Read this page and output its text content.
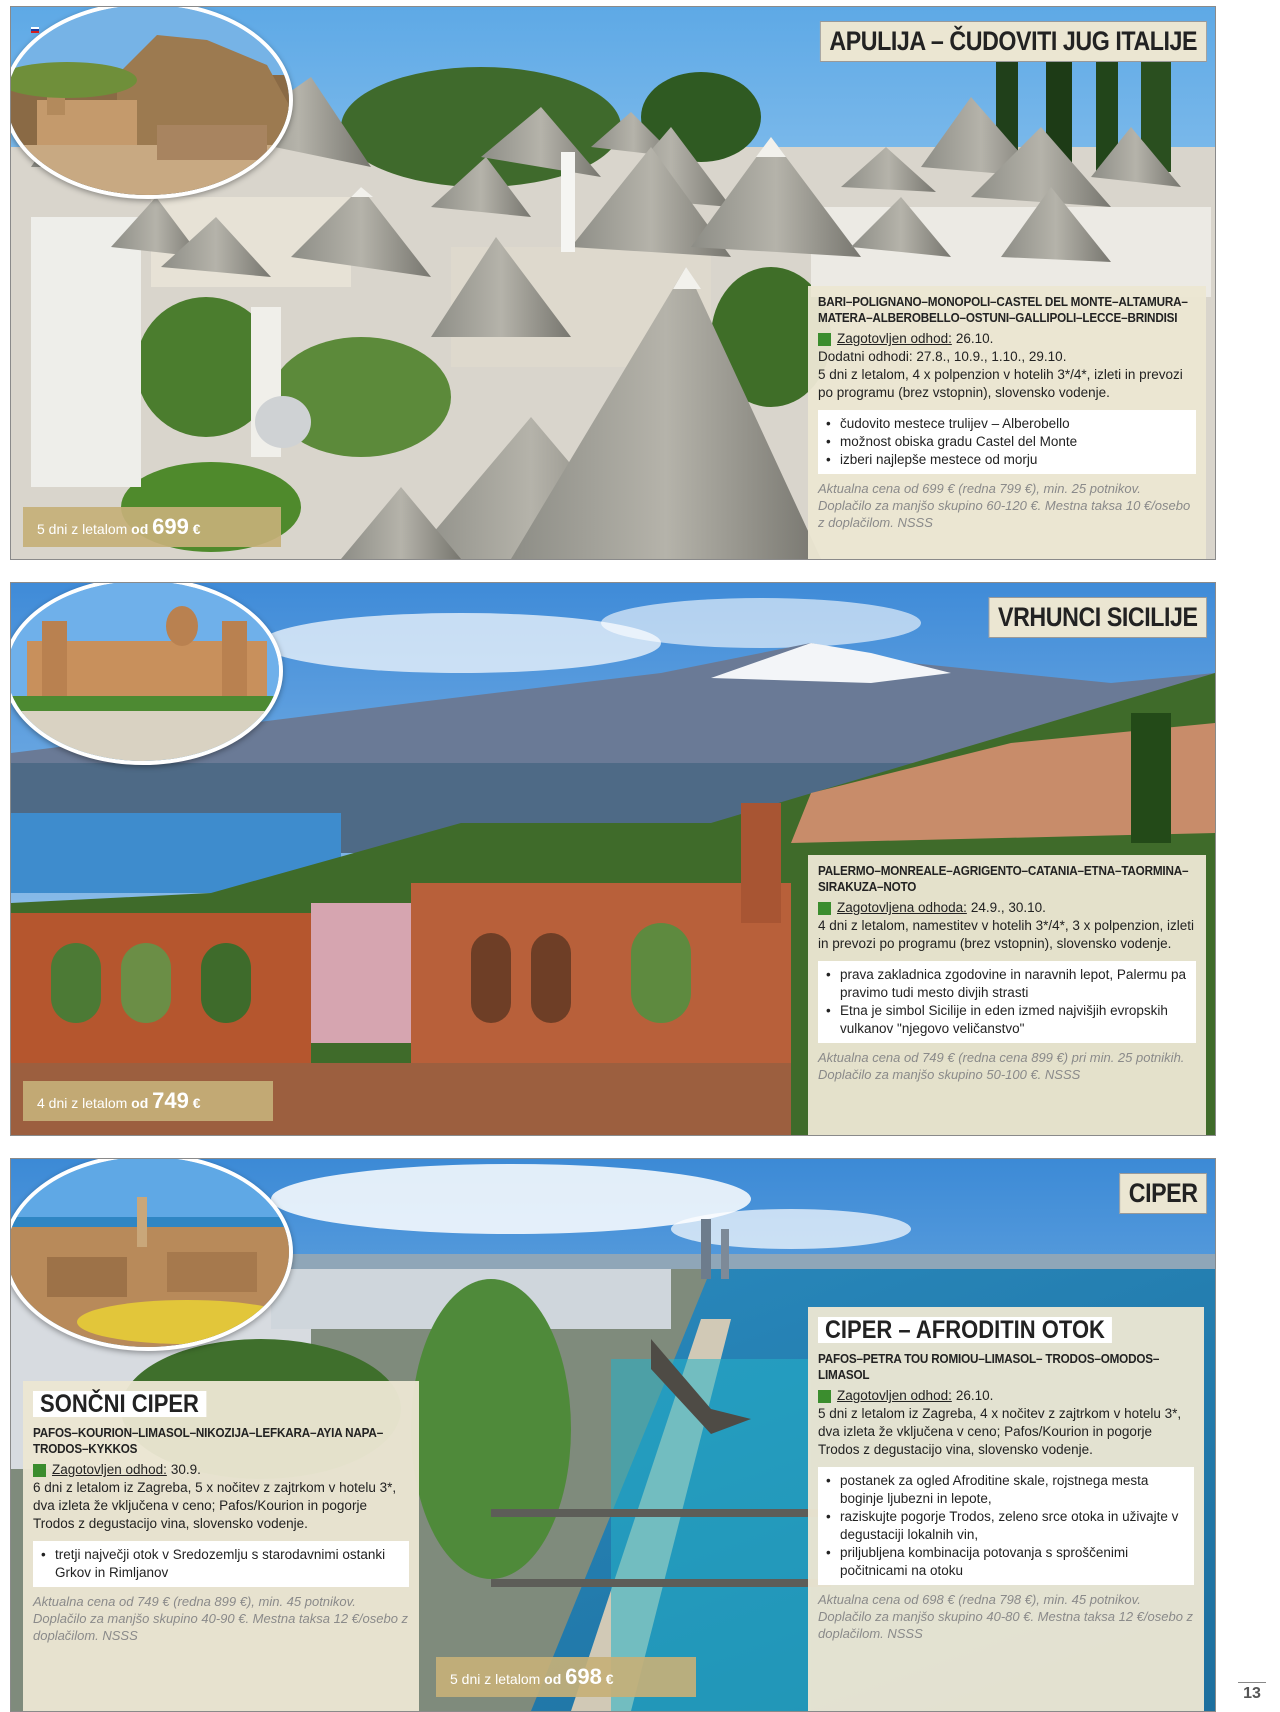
APULIJA – ČUDOVITI JUG ITALIJE
5 dni z letalom od 699 €
BARI–POLIGNANO–MONOPOLI–CASTEL DEL MONTE–ALTAMURA–MATERA–ALBEROBELLO–OSTUNI–GALLIPOLI–LECCE–BRINDISI
Zagotovljen odhod: 26.10.
Dodatni odhodi: 27.8., 10.9., 1.10., 29.10.
5 dni z letalom, 4 x polpenzion v hotelih 3*/4*, izleti in prevozi po programu (brez vstopnin), slovensko vodenje.
• čudovito mestece trulijev – Alberobello
• možnost obiska gradu Castel del Monte
• izberi najlepše mestece od morju
Aktualna cena od 699 € (redna 799 €), min. 25 potnikov. Doplačilo za manjšo skupino 60-120 €. Mestna taksa 10 €/osebo z doplačilom. NSSS
VRHUNCI SICILIJE
4 dni z letalom od 749 €
PALERMO–MONREALE–AGRIGENTO–CATANIA–ETNA–TAORMINA–SIRAKUZA–NOTO
Zagotovljena odhoda: 24.9., 30.10.
4 dni z letalom, namestitev v hotelih 3*/4*, 3 x polpenzion, izleti in prevozi po programu (brez vstopnin), slovensko vodenje.
• prava zakladnica zgodovine in naravnih lepot, Palermu pa pravimo tudi mesto divjih strasti
• Etna je simbol Sicilije in eden izmed najvišjih evropskih vulkanov "njegovo veličanstvo"
Aktualna cena od 749 € (redna cena 899 €) pri min. 25 potnikih. Doplačilo za manjšo skupino 50-100 €. NSSS
CIPER
SONČNI CIPER
PAFOS–KOURION–LIMASOL–NIKOZIJA–LEFKARA–AYIA NAPA–TRODOS–KYKKOS
Zagotovljen odhod: 30.9.
6 dni z letalom iz Zagreba, 5 x nočitev z zajtrkom v hotelu 3*, dva izleta že vključena v ceno; Pafos/Kourion in pogorje Trodos z degustacijo vina, slovensko vodenje.
• tretji največji otok v Sredozemlju s starodavnimi ostanki Grkov in Rimljanov
Aktualna cena od 749 € (redna 899 €), min. 45 potnikov. Doplačilo za manjšo skupino 40-90 €. Mestna taksa 12 €/osebo z doplačilom. NSSS
5 dni z letalom od 698 €
CIPER – AFRODITIN OTOK
PAFOS–PETRA TOU ROMIOU–LIMASOL– TRODOS–OMODOS–LIMASOL
Zagotovljen odhod: 26.10.
5 dni z letalom iz Zagreba, 4 x nočitev z zajtrkom v hotelu 3*, dva izleta že vključena v ceno; Pafos/Kourion in pogorje Trodos z degustacijo vina, slovensko vodenje.
• postanek za ogled Afroditine skale, rojstnega mesta boginje ljubezni in lepote,
• raziskujte pogorje Trodos, zeleno srce otoka in uživajte v degustaciji lokalnih vin,
• priljubljena kombinacija potovanja s sproščenimi počitnicami na otoku
Aktualna cena od 698 € (redna 798 €), min. 45 potnikov. Doplačilo za manjšo skupino 40-80 €. Mestna taksa 12 €/osebo z doplačilom. NSSS
13
